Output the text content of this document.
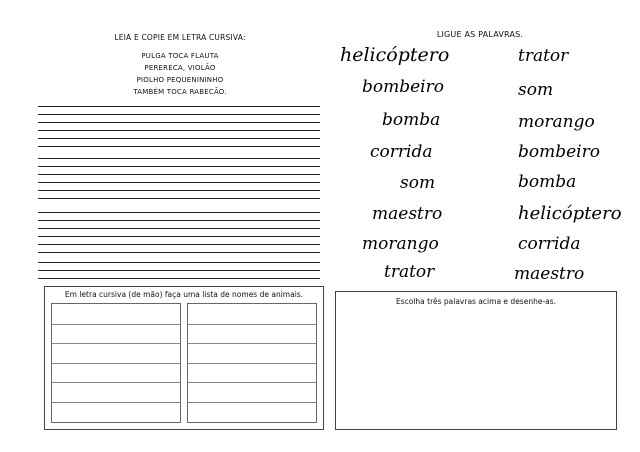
LEIA E COPIE EM LETRA CURSIVA:
PULGA TOCA FLAUTA
PERERECA, VIOLÃO
PIOLHO PEQUENININHO
TAMBÉM TOCA RABECÃO.
LIGUE AS PALAVRAS.
helicóptero
bombeiro
bomba
corrida
som
maestro
morango
trator
trator
som
morango
bombeiro
bomba
helicóptero
corrida
maestro
Em letra cursiva (de mão) faça uma lista de nomes de animais.
Escolha três palavras acima e desenhe-as.
